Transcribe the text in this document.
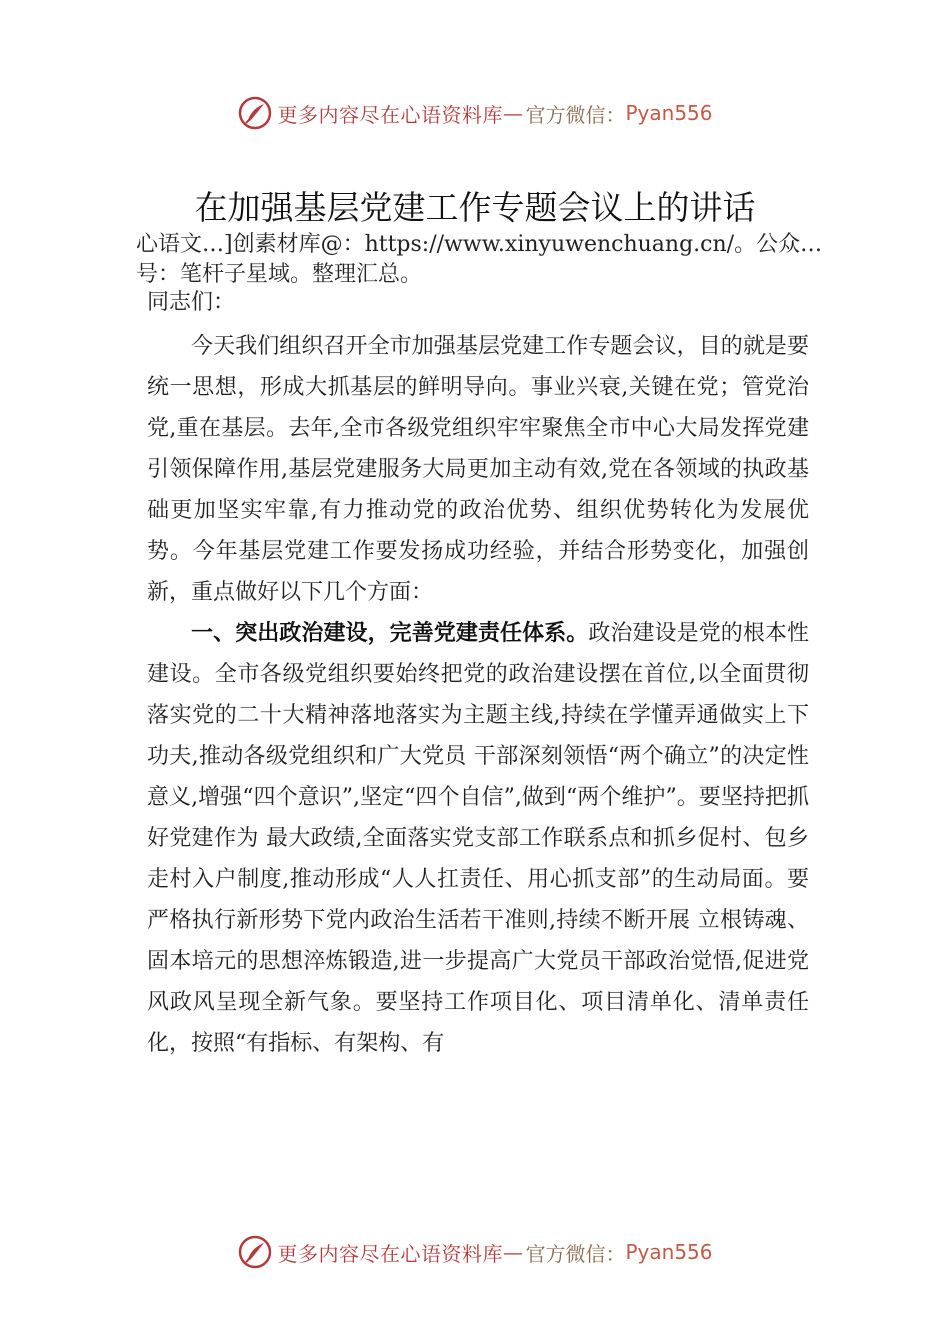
更多内容尽在心语资料库 — 官方微信： Pyan556
在加强基层党建工作专题会议上的讲话
心语文…]创素材库@：https://www.xinyuwenchuang.cn/。公众…号：笔杆子星域。整理汇总。
同志们：

今天我们组织召开全市加强基层党建工作专题会议，目的就是要统一思想，形成大抓基层的鲜明导向。事业兴衰,关键在党；管党治党,重在基层。去年,全市各级党组织牢牢聚焦全市中心大局发挥党建引领保障作用,基层党建服务大局更加主动有效,党在各领域的执政基础更加坚实牢靠,有力推动党的政治优势、组织优势转化为发展优势。今年基层党建工作要发扬成功经验，并结合形势变化，加强创新，重点做好以下几个方面：

一、突出政治建设，完善党建责任体系。政治建设是党的根本性建设。全市各级党组织要始终把党的政治建设摆在首位,以全面贯彻落实党的二十大精神落地落实为主题主线,持续在学懂弄通做实上下功夫,推动各级党组织和广大党员 干部深刻领悟“两个确立”的决定性意义,增强“四个意识”,坚定“四个自信”,做到“两个维护”。要坚持把抓好党建作为 最大政绩,全面落实党支部工作联系点和抓乡促村、包乡走村入户制度,推动形成“人人扛责任、用心抓支部”的生动局面。要严格执行新形势下党内政治生活若干准则,持续不断开展 立根铸魂、固本培元的思想淬炼锻造,进一步提高广大党员干部政治觉悟,促进党风政风呈现全新气象。要坚持工作项目化、项目清单化、清单责任化，按照“有指标、有架构、有

更多内容尽在心语资料库 — 官方微信： Pyan556
